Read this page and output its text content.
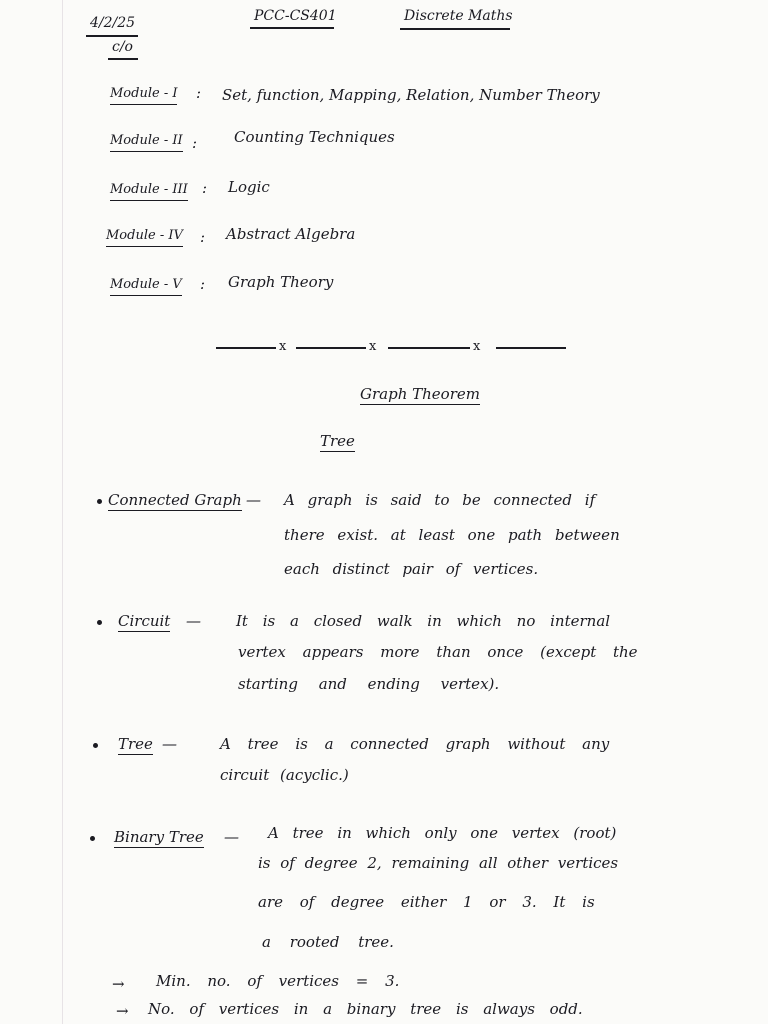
4/2/25
c/o
PCC-CS401	Discrete Maths
Module - I : Set, function, Mapping, Relation, Number Theory
Module - II : Counting Techniques
Module - III : Logic
Module - IV : Abstract Algebra
Module - V : Graph Theory
x	x	x
Graph Theorem
Tree
Connected Graph — A graph is said to be connected if
there exist. at least one path between
each distinct pair of vertices.
Circuit — It is a closed walk in which no internal
vertex appears more than once (except the
starting and ending vertex).
Tree —	A tree is a connected graph without any
circuit (acyclic.)
Binary Tree — A tree in which only one vertex (root)
is of degree 2, remaining all other vertices
are of degree either 1 or 3. It is
a rooted tree.
→ Min. no. of vertices = 3.
→ No. of vertices in a binary tree is always odd.
